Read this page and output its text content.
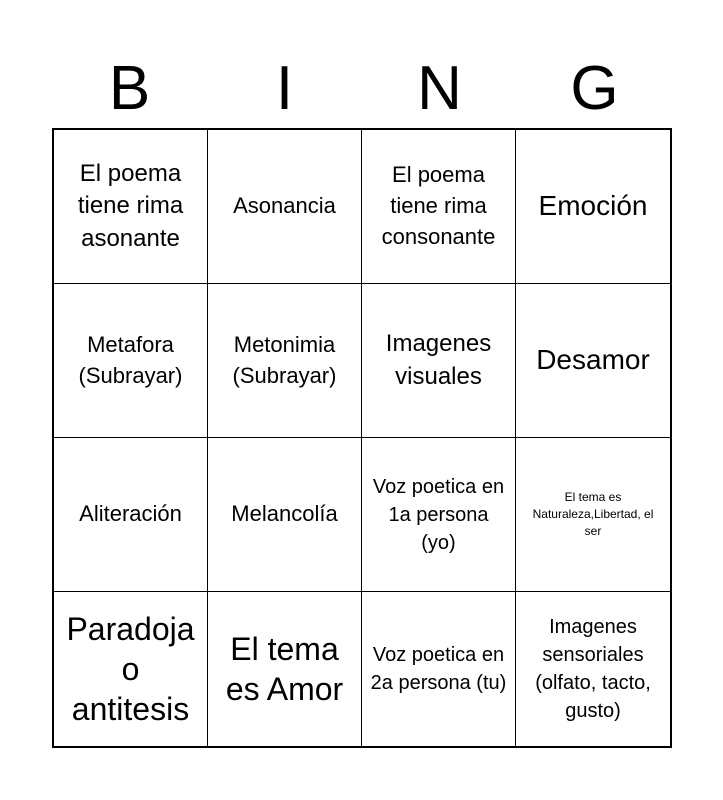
B	I	N	G
El poema tiene rima asonante
Asonancia
El poema tiene rima consonante
Emoción
Metafora (Subrayar)
Metonimia (Subrayar)
Imagenes visuales
Desamor
Aliteración Melancolía
Voz poetica en 1a persona (yo)
El tema es Naturaleza,Libertad, el ser
Paradoja o antitesis
El tema es Amor
Voz poetica en 2a persona (tu)
Imagenes sensoriales (olfato, tacto, gusto)
